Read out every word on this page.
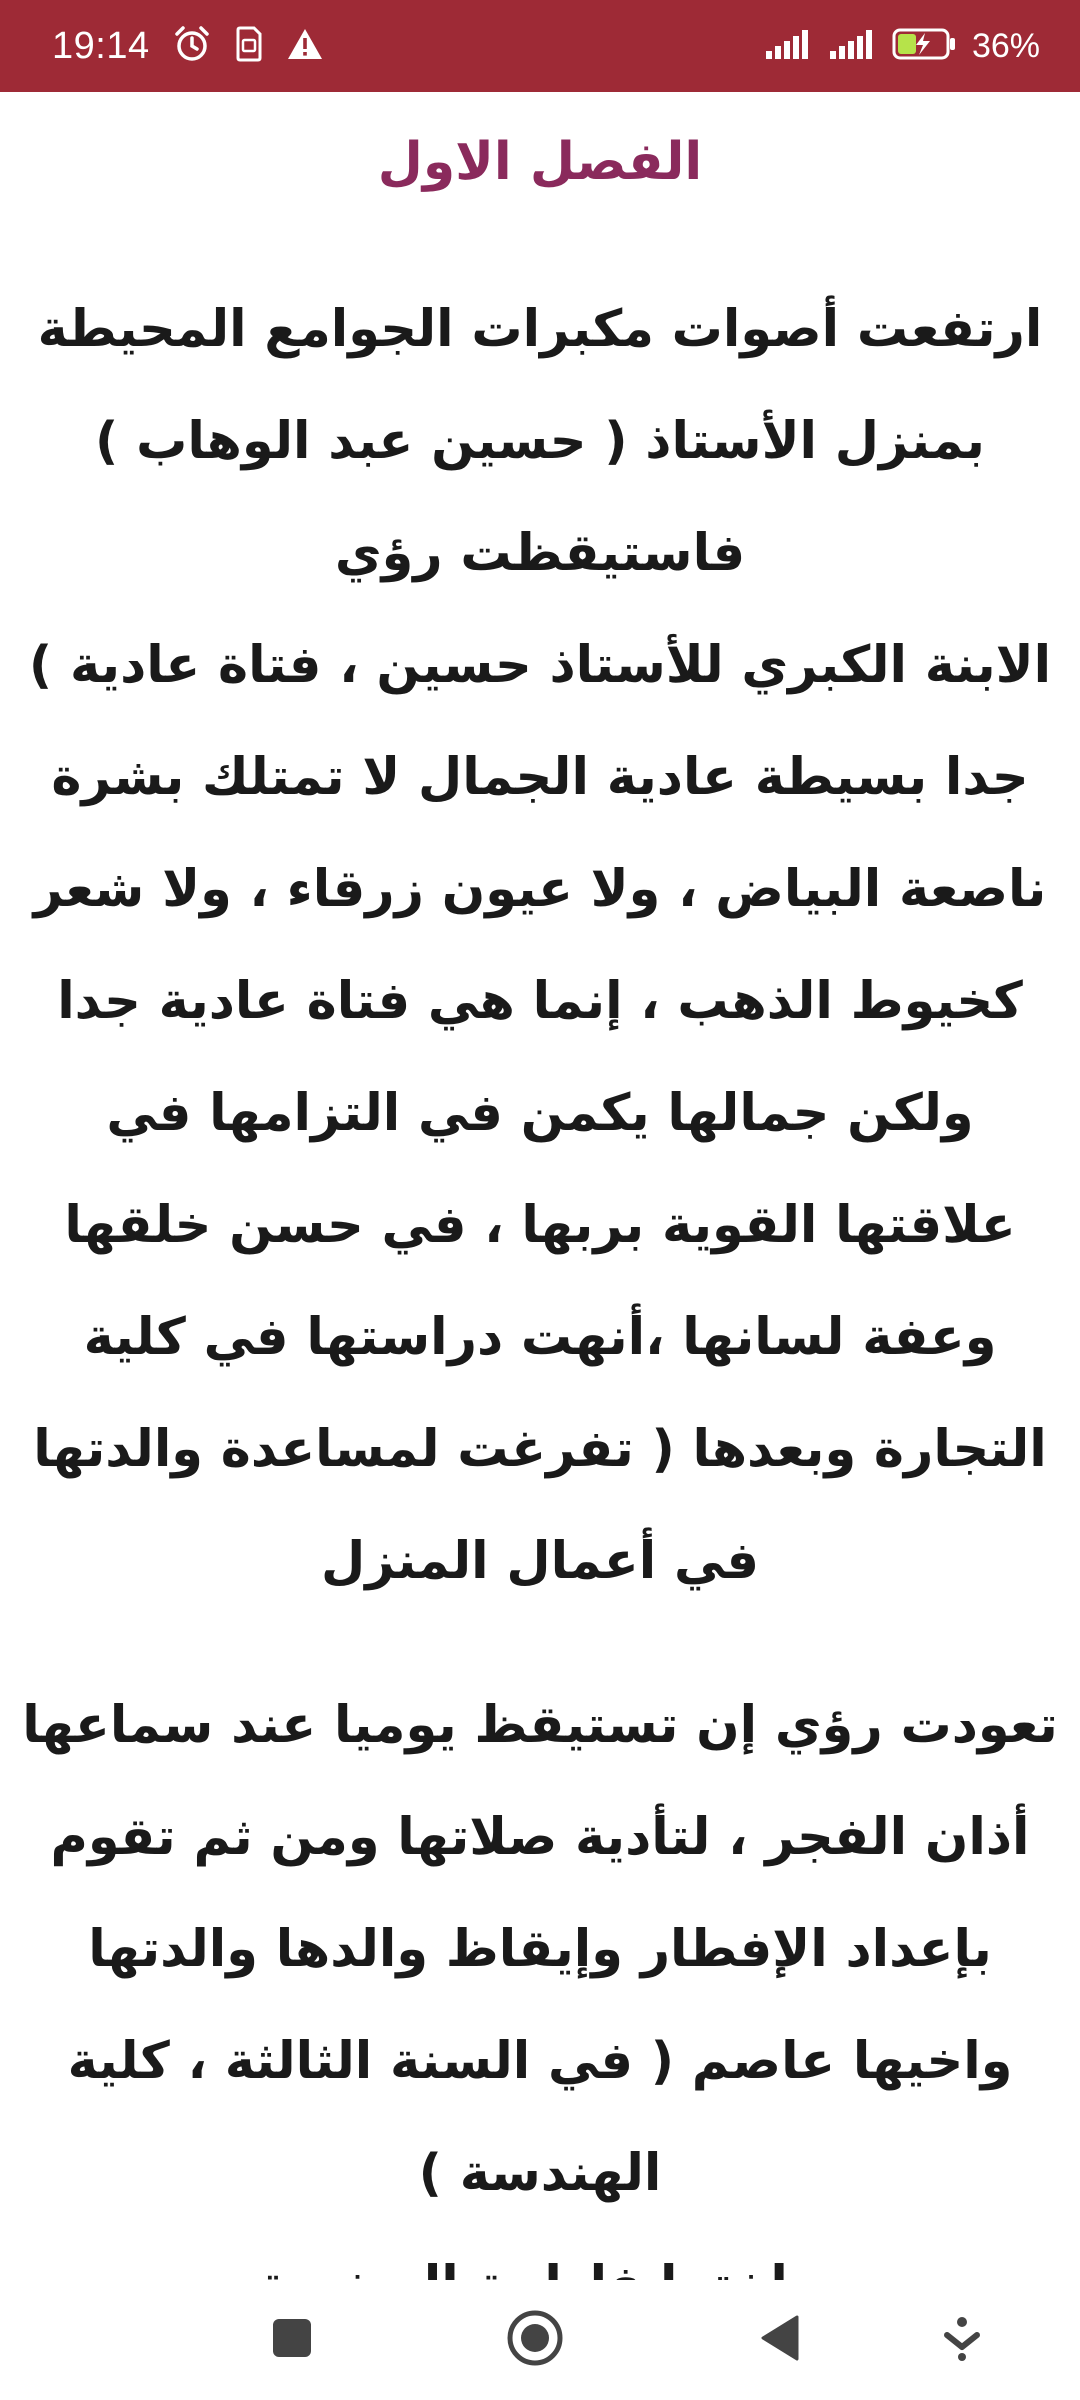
19:14	36%
الفصل الاول

ارتفعت أصوات مكبرات الجوامع المحيطة بمنزل الأستاذ ( حسين عبد الوهاب ) فاستيقظت رؤي
الابنة الكبري للأستاذ حسين ، فتاة عادية ) جدا بسيطة عادية الجمال لا تمتلك بشرة ناصعة البياض ، ولا عيون زرقاء ، ولا شعر كخيوط الذهب ، إنما هي فتاة عادية جدا ولكن جمالها يكمن في التزامها في علاقتها القوية بربها ، في حسن خلقها وعفة لسانها ،أنهت دراستها في كلية التجارة وبعدها ( تفرغت لمساعدة والدتها في أعمال المنزل

تعودت رؤي إن تستيقظ يوميا عند سماعها أذان الفجر ، لتأدية صلاتها ومن ثم تقوم بإعداد الإفطار وإيقاظ والدها والدتها واخيها عاصم ( في السنة الثالثة ، كلية الهندسة )
